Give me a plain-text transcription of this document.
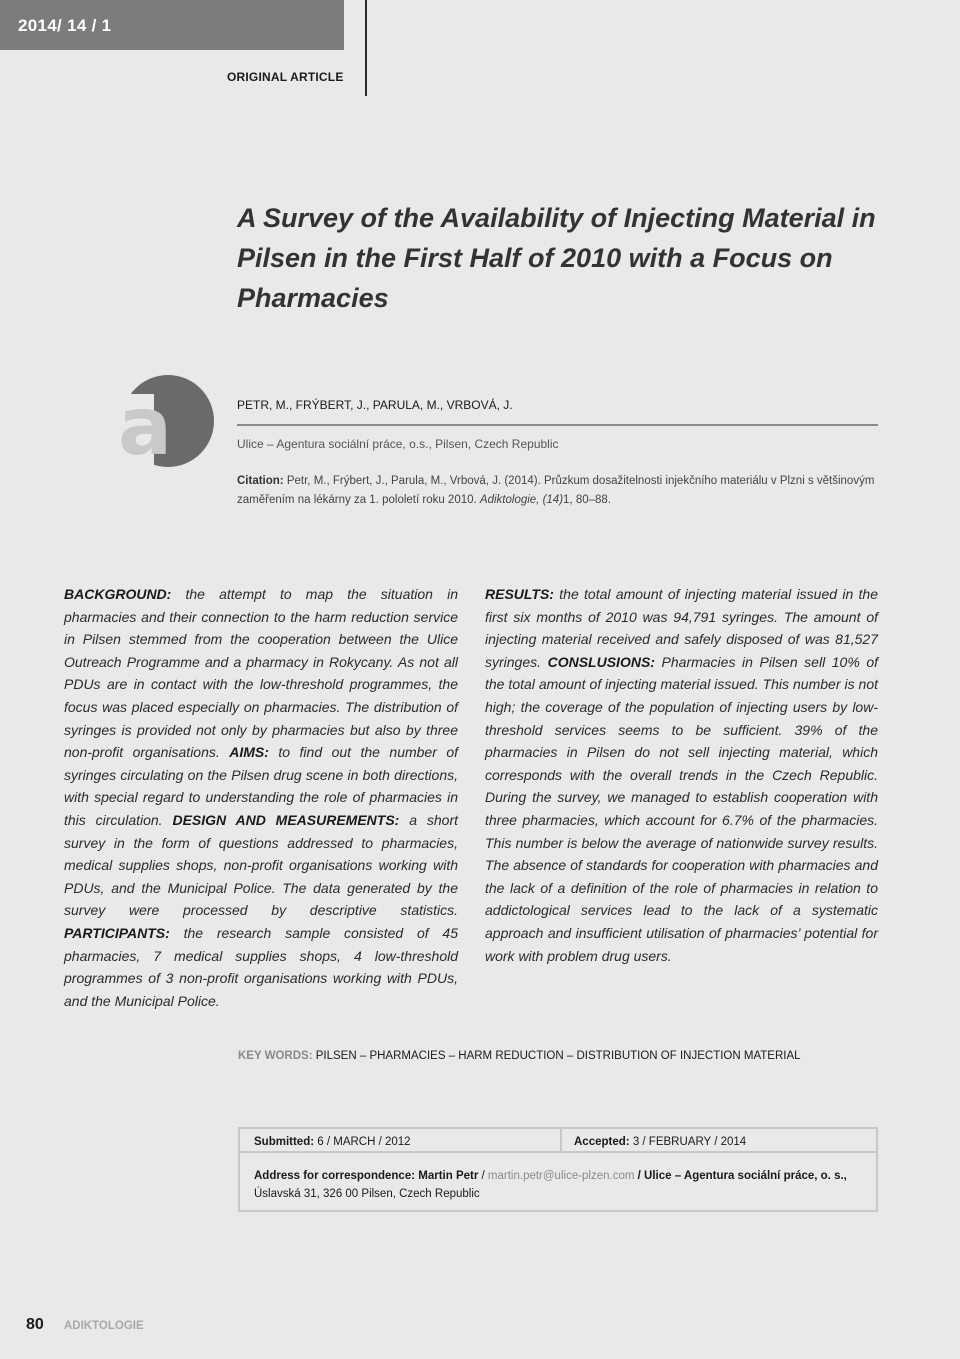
2014/ 14 / 1
ORIGINAL ARTICLE
A Survey of the Availability of Injecting Material in Pilsen in the First Half of 2010 with a Focus on Pharmacies
a	PETR, M., FRÝBERT, J., PARULA, M., VRBOVÁ, J.
Ulice – Agentura sociální práce, o.s., Pilsen, Czech Republic
Citation: Petr, M., Frýbert, J., Parula, M., Vrbová, J. (2014). Průzkum dosažitelnosti injekčního materiálu v Plzni s většinovým zaměřením na lékárny za 1. pololetí roku 2010. Adiktologie, (14)1, 80–88.
BACKGROUND: the attempt to map the situation in pharmacies and their connection to the harm reduction service in Pilsen stemmed from the cooperation between the Ulice Outreach Programme and a pharmacy in Rokycany. As not all PDUs are in contact with the low-threshold programmes, the focus was placed especially on pharmacies. The distribution of syringes is provided not only by pharmacies but also by three non-profit organisations. AIMS: to find out the number of syringes circulating on the Pilsen drug scene in both directions, with special regard to understanding the role of pharmacies in this circulation. DESIGN AND MEASUREMENTS: a short survey in the form of questions addressed to pharmacies, medical supplies shops, non-profit organisations working with PDUs, and the Municipal Police. The data generated by the survey were processed by descriptive statistics. PARTICIPANTS: the research sample consisted of 45 pharmacies, 7 medical supplies shops, 4 low-threshold programmes of 3 non-profit organisations working with PDUs, and the Municipal Police.
RESULTS: the total amount of injecting material issued in the first six months of 2010 was 94,791 syringes. The amount of injecting material received and safely disposed of was 81,527 syringes. CONSLUSIONS: Pharmacies in Pilsen sell 10% of the total amount of injecting material issued. This number is not high; the coverage of the population of injecting users by low-threshold services seems to be sufficient. 39% of the pharmacies in Pilsen do not sell injecting material, which corresponds with the overall trends in the Czech Republic. During the survey, we managed to establish cooperation with three pharmacies, which account for 6.7% of the pharmacies. This number is below the average of nationwide survey results. The absence of standards for cooperation with pharmacies and the lack of a definition of the role of pharmacies in relation to addictological services lead to the lack of a systematic approach and insufficient utilisation of pharmacies’ potential for work with problem drug users.
KEY WORDS: PILSEN – PHARMACIES – HARM REDUCTION – DISTRIBUTION OF INJECTION MATERIAL
Submitted: 6 / MARCH / 2012	Accepted: 3 / FEBRUARY / 2014
Address for correspondence: Martin Petr / martin.petr@ulice-plzen.com / Ulice – Agentura sociální práce, o. s.,
Úslavská 31, 326 00 Pilsen, Czech Republic
80 ADIKTOLOGIE
